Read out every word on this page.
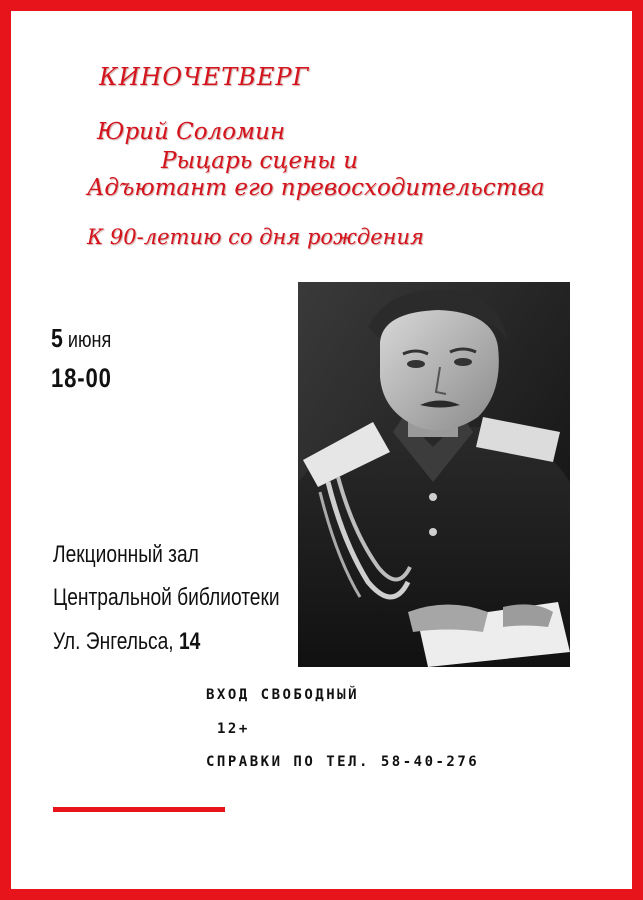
КИНОЧЕТВЕРГ
Юрий Соломин
Рыцарь сцены и
Адъютант его превосходительства
К 90-летию со дня рождения
5 июня
18-00
Лекционный зал
Центральной библиотеки
Ул. Энгельса, 14
ВХОД СВОБОДНЫЙ
12+
СПРАВКИ ПО ТЕЛ. 58-40-276
